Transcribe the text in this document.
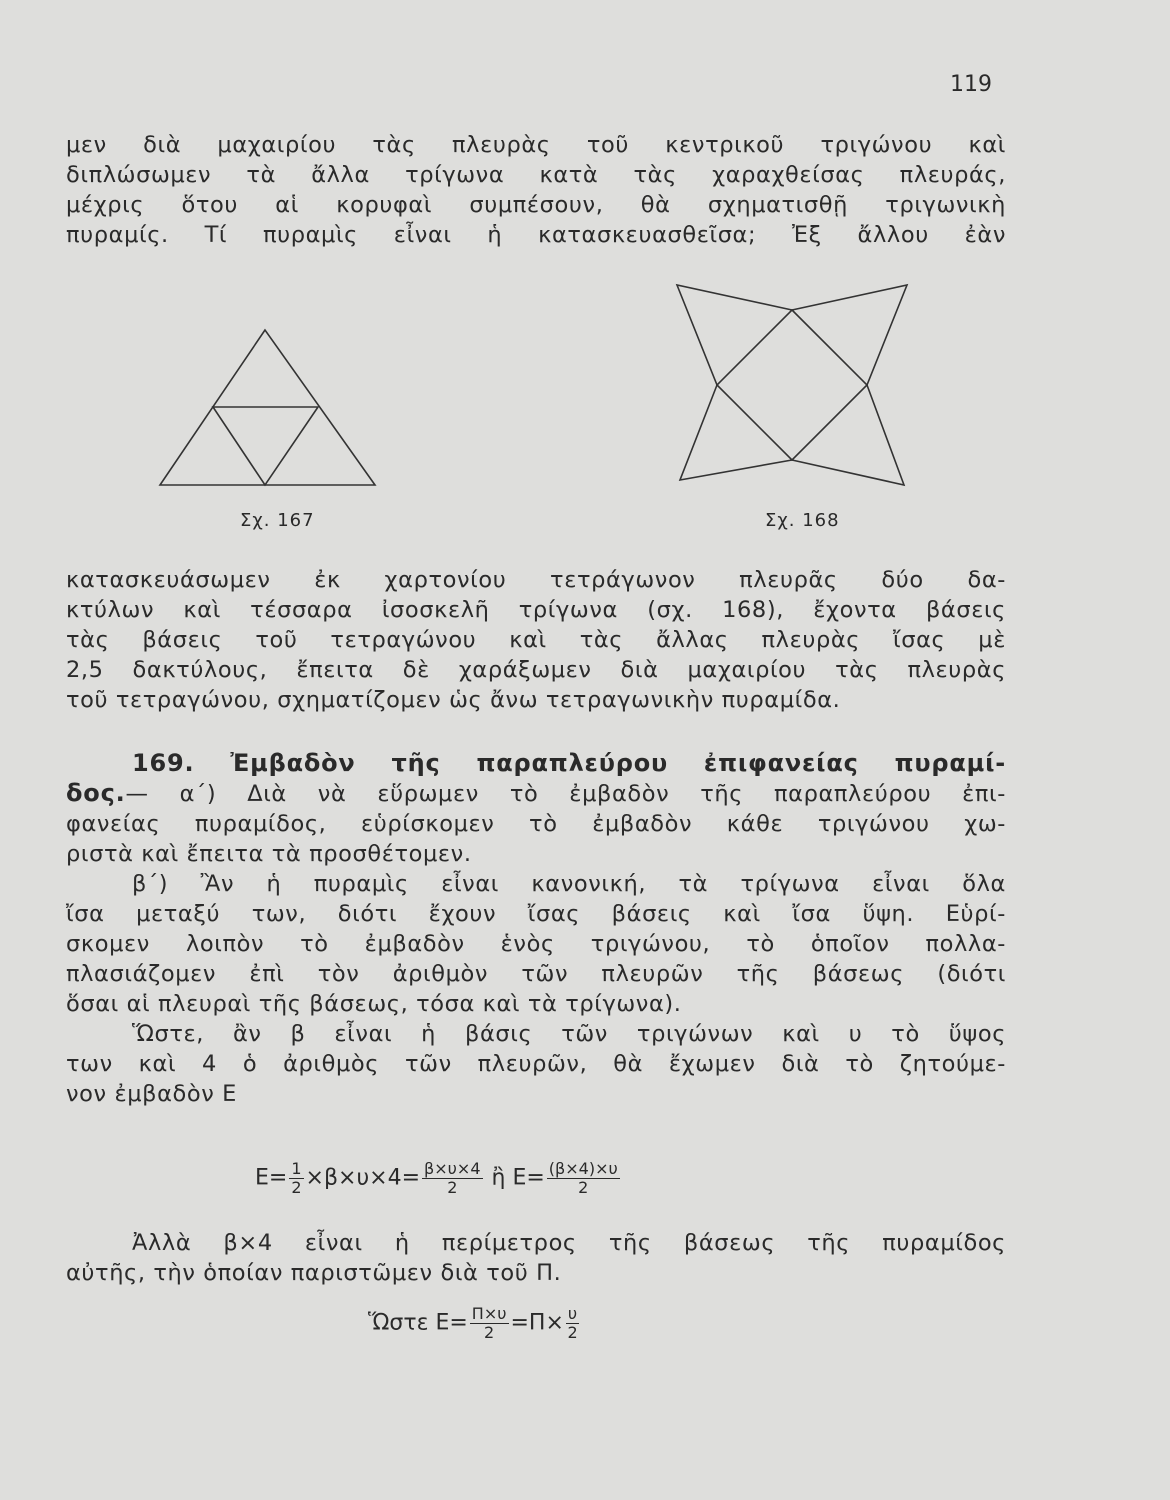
119
μεν διὰ μαχαιρίου τὰς πλευρὰς τοῦ κεντρικοῦ τριγώνου καὶ
διπλώσωμεν τὰ ἄλλα τρίγωνα κατὰ τὰς χαραχθείσας πλευράς,
μέχρις ὅτου αἱ κορυφαὶ συμπέσουν, θὰ σχηματισθῇ τριγωνικὴ
πυραμίς. Τί πυραμὶς εἶναι ἡ κατασκευασθεῖσα; Ἐξ ἄλλου ἐὰν
Σχ. 167	Σχ. 168
κατασκευάσωμεν ἐκ χαρτονίου τετράγωνον πλευρᾶς δύο δα-
κτύλων καὶ τέσσαρα ἰσοσκελῆ τρίγωνα (σχ. 168), ἔχοντα βάσεις
τὰς βάσεις τοῦ τετραγώνου καὶ τὰς ἄλλας πλευρὰς ἴσας μὲ
2,5 δακτύλους, ἔπειτα δὲ χαράξωμεν διὰ μαχαιρίου τὰς πλευρὰς
τοῦ τετραγώνου, σχηματίζομεν ὡς ἄνω τετραγωνικὴν πυραμίδα.
169. Ἐμβαδὸν τῆς παραπλεύρου ἐπιφανείας πυραμί-
δος.— α΄) Διὰ νὰ εὕρωμεν τὸ ἐμβαδὸν τῆς παραπλεύρου ἐπι-
φανείας πυραμίδος, εὑρίσκομεν τὸ ἐμβαδὸν κάθε τριγώνου χω-
ριστὰ καὶ ἔπειτα τὰ προσθέτομεν.
β΄) Ἂν ἡ πυραμὶς εἶναι κανονική, τὰ τρίγωνα εἶναι ὅλα
ἴσα μεταξύ των, διότι ἔχουν ἴσας βάσεις καὶ ἴσα ὕψη. Εὑρί-
σκομεν λοιπὸν τὸ ἐμβαδὸν ἑνὸς τριγώνου, τὸ ὁποῖον πολλα-
πλασιάζομεν ἐπὶ τὸν ἀριθμὸν τῶν πλευρῶν τῆς βάσεως (διότι
ὅσαι αἱ πλευραὶ τῆς βάσεως, τόσα καὶ τὰ τρίγωνα).
Ὥστε, ἂν β εἶναι ἡ βάσις τῶν τριγώνων καὶ υ τὸ ὕψος
των καὶ 4 ὁ ἀριθμὸς τῶν πλευρῶν, θὰ ἔχωμεν διὰ τὸ ζητούμε-
νον ἐμβαδὸν Ε
$E= \frac{1}{2} \times\beta\times\upsilon\times 4= \frac{\beta\times\upsilon\times 4}{2}$ ἢ $E= \frac{(\beta\times 4)\times\upsilon}{2}$
Ἀλλὰ β×4 εἶναι ἡ περίμετρος τῆς βάσεως τῆς πυραμίδος
αὐτῆς, τὴν ὁποίαν παριστῶμεν διὰ τοῦ Π.
Ὥστε $E= \frac{\Pi\times\upsilon}{2} =\Pi\times \frac{\upsilon}{2}$
